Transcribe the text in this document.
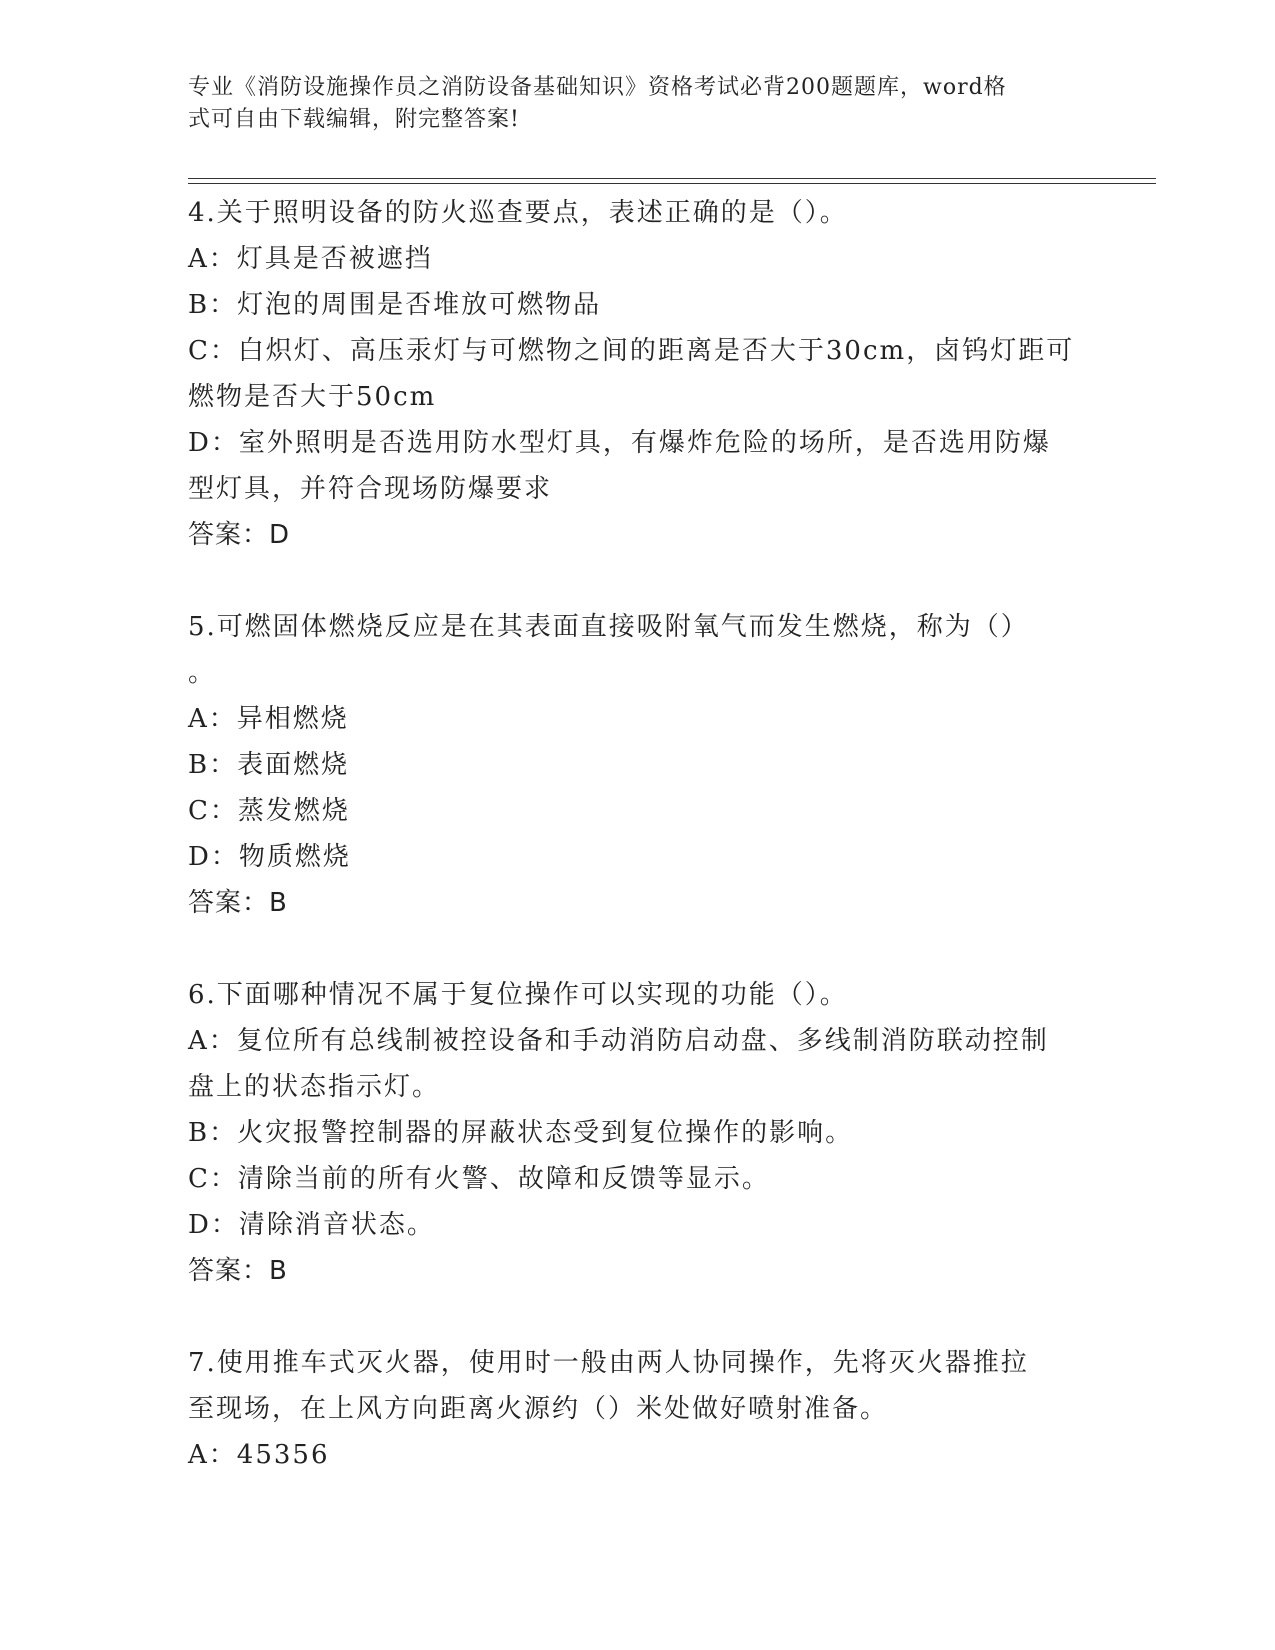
专业《消防设施操作员之消防设备基础知识》资格考试必背200题题库，word格
式可自由下载编辑，附完整答案!
4.关于照明设备的防火巡查要点，表述正确的是（）。
A：灯具是否被遮挡
B：灯泡的周围是否堆放可燃物品
C：白炽灯、高压汞灯与可燃物之间的距离是否大于30cm，卤钨灯距可
燃物是否大于50cm
D：室外照明是否选用防水型灯具，有爆炸危险的场所，是否选用防爆
型灯具，并符合现场防爆要求
答案：D
5.可燃固体燃烧反应是在其表面直接吸附氧气而发生燃烧，称为（）
。
A：异相燃烧
B：表面燃烧
C：蒸发燃烧
D：物质燃烧
答案：B
6.下面哪种情况不属于复位操作可以实现的功能（）。
A：复位所有总线制被控设备和手动消防启动盘、多线制消防联动控制
盘上的状态指示灯。
B：火灾报警控制器的屏蔽状态受到复位操作的影响。
C：清除当前的所有火警、故障和反馈等显示。
D：清除消音状态。
答案：B
7.使用推车式灭火器，使用时一般由两人协同操作，先将灭火器推拉
至现场，在上风方向距离火源约（）米处做好喷射准备。
A：45356
